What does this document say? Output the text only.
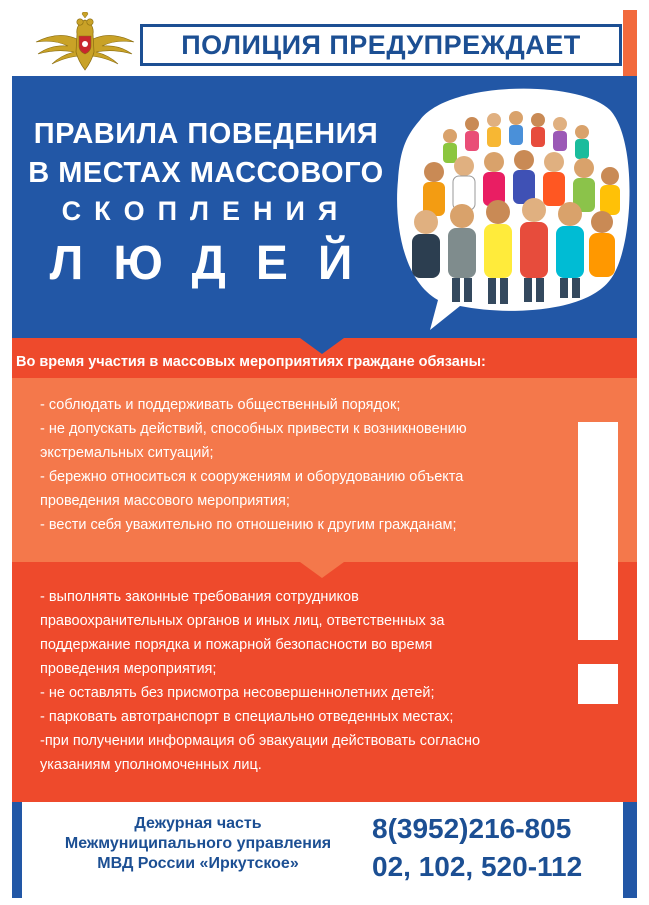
ПОЛИЦИЯ ПРЕДУПРЕЖДАЕТ
ПРАВИЛА ПОВЕДЕНИЯ
В МЕСТАХ МАССОВОГО
СКОПЛЕНИЯ
ЛЮДЕЙ
Во время участия в массовых мероприятиях граждане обязаны:

- соблюдать и поддерживать общественный порядок;

- не допускать действий, способных привести к возникновению

экстремальных ситуаций;

- бережно относиться к сооружениям и оборудованию объекта

проведения массового мероприятия;

- вести себя уважительно по отношению к другим гражданам;

- выполнять законные требования сотрудников

правоохранительных органов и иных лиц, ответственных за

поддержание порядка и пожарной безопасности во время

проведения мероприятия;

- не оставлять без присмотра несовершеннолетних детей;

- парковать автотранспорт в специально отведенных местах;

-при получении информация об эвакуации действовать согласно

указаниям уполномоченных лиц.

Дежурная часть
Межмуниципального управления
МВД России «Иркутское»
8(3952)216-805
02, 102, 520-112
